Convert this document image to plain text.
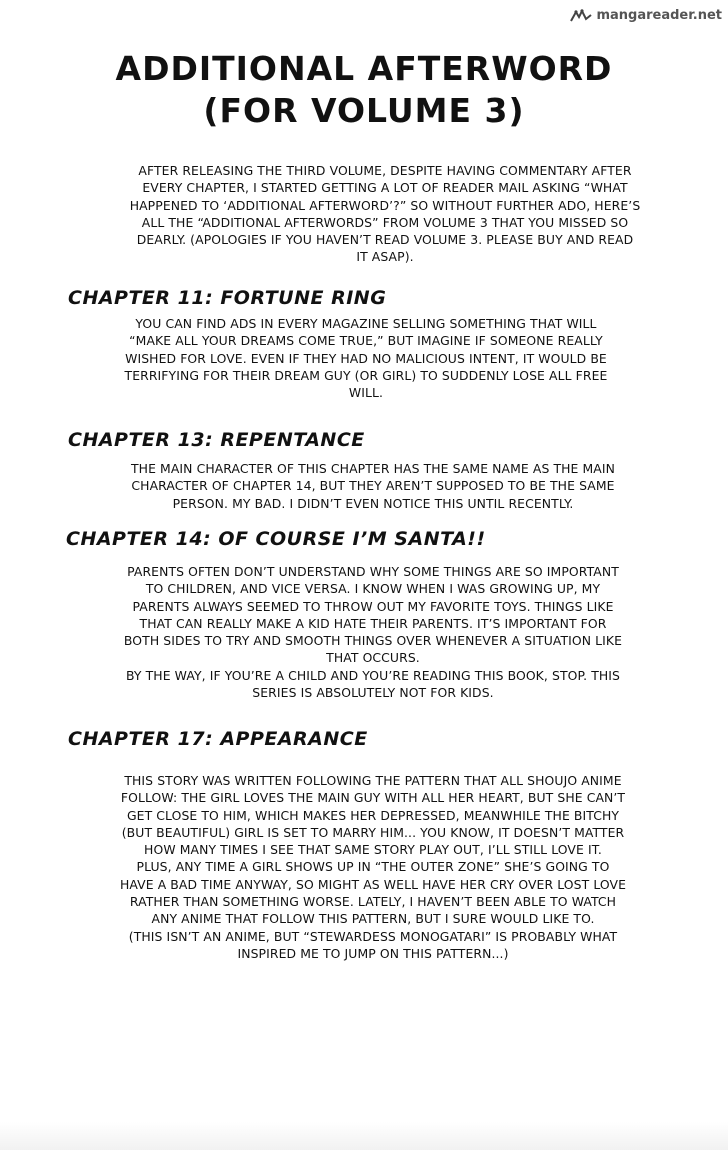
mangareader.net
ADDITIONAL AFTERWORD
(FOR VOLUME 3)
AFTER RELEASING THE THIRD VOLUME, DESPITE HAVING COMMENTARY AFTER
EVERY CHAPTER, I STARTED GETTING A LOT OF READER MAIL ASKING “WHAT
HAPPENED TO ‘ADDITIONAL AFTERWORD’?” SO WITHOUT FURTHER ADO, HERE’S
ALL THE “ADDITIONAL AFTERWORDS” FROM VOLUME 3 THAT YOU MISSED SO
DEARLY. (APOLOGIES IF YOU HAVEN’T READ VOLUME 3. PLEASE BUY AND READ
IT ASAP).
CHAPTER 11: FORTUNE RING
YOU CAN FIND ADS IN EVERY MAGAZINE SELLING SOMETHING THAT WILL
“MAKE ALL YOUR DREAMS COME TRUE,” BUT IMAGINE IF SOMEONE REALLY
WISHED FOR LOVE. EVEN IF THEY HAD NO MALICIOUS INTENT, IT WOULD BE
TERRIFYING FOR THEIR DREAM GUY (OR GIRL) TO SUDDENLY LOSE ALL FREE
WILL.
CHAPTER 13: REPENTANCE
THE MAIN CHARACTER OF THIS CHAPTER HAS THE SAME NAME AS THE MAIN
CHARACTER OF CHAPTER 14, BUT THEY AREN’T SUPPOSED TO BE THE SAME
PERSON. MY BAD. I DIDN’T EVEN NOTICE THIS UNTIL RECENTLY.
CHAPTER 14: OF COURSE I’M SANTA!!
PARENTS OFTEN DON’T UNDERSTAND WHY SOME THINGS ARE SO IMPORTANT
TO CHILDREN, AND VICE VERSA. I KNOW WHEN I WAS GROWING UP, MY
PARENTS ALWAYS SEEMED TO THROW OUT MY FAVORITE TOYS. THINGS LIKE
THAT CAN REALLY MAKE A KID HATE THEIR PARENTS. IT’S IMPORTANT FOR
BOTH SIDES TO TRY AND SMOOTH THINGS OVER WHENEVER A SITUATION LIKE
THAT OCCURS.
BY THE WAY, IF YOU’RE A CHILD AND YOU’RE READING THIS BOOK, STOP. THIS
SERIES IS ABSOLUTELY NOT FOR KIDS.
CHAPTER 17: APPEARANCE
THIS STORY WAS WRITTEN FOLLOWING THE PATTERN THAT ALL SHOUJO ANIME
FOLLOW: THE GIRL LOVES THE MAIN GUY WITH ALL HER HEART, BUT SHE CAN’T
GET CLOSE TO HIM, WHICH MAKES HER DEPRESSED, MEANWHILE THE BITCHY
(BUT BEAUTIFUL) GIRL IS SET TO MARRY HIM... YOU KNOW, IT DOESN’T MATTER
HOW MANY TIMES I SEE THAT SAME STORY PLAY OUT, I’LL STILL LOVE IT.
PLUS, ANY TIME A GIRL SHOWS UP IN “THE OUTER ZONE” SHE’S GOING TO
HAVE A BAD TIME ANYWAY, SO MIGHT AS WELL HAVE HER CRY OVER LOST LOVE
RATHER THAN SOMETHING WORSE. LATELY, I HAVEN’T BEEN ABLE TO WATCH
ANY ANIME THAT FOLLOW THIS PATTERN, BUT I SURE WOULD LIKE TO.
(THIS ISN’T AN ANIME, BUT “STEWARDESS MONOGATARI” IS PROBABLY WHAT
INSPIRED ME TO JUMP ON THIS PATTERN...)
